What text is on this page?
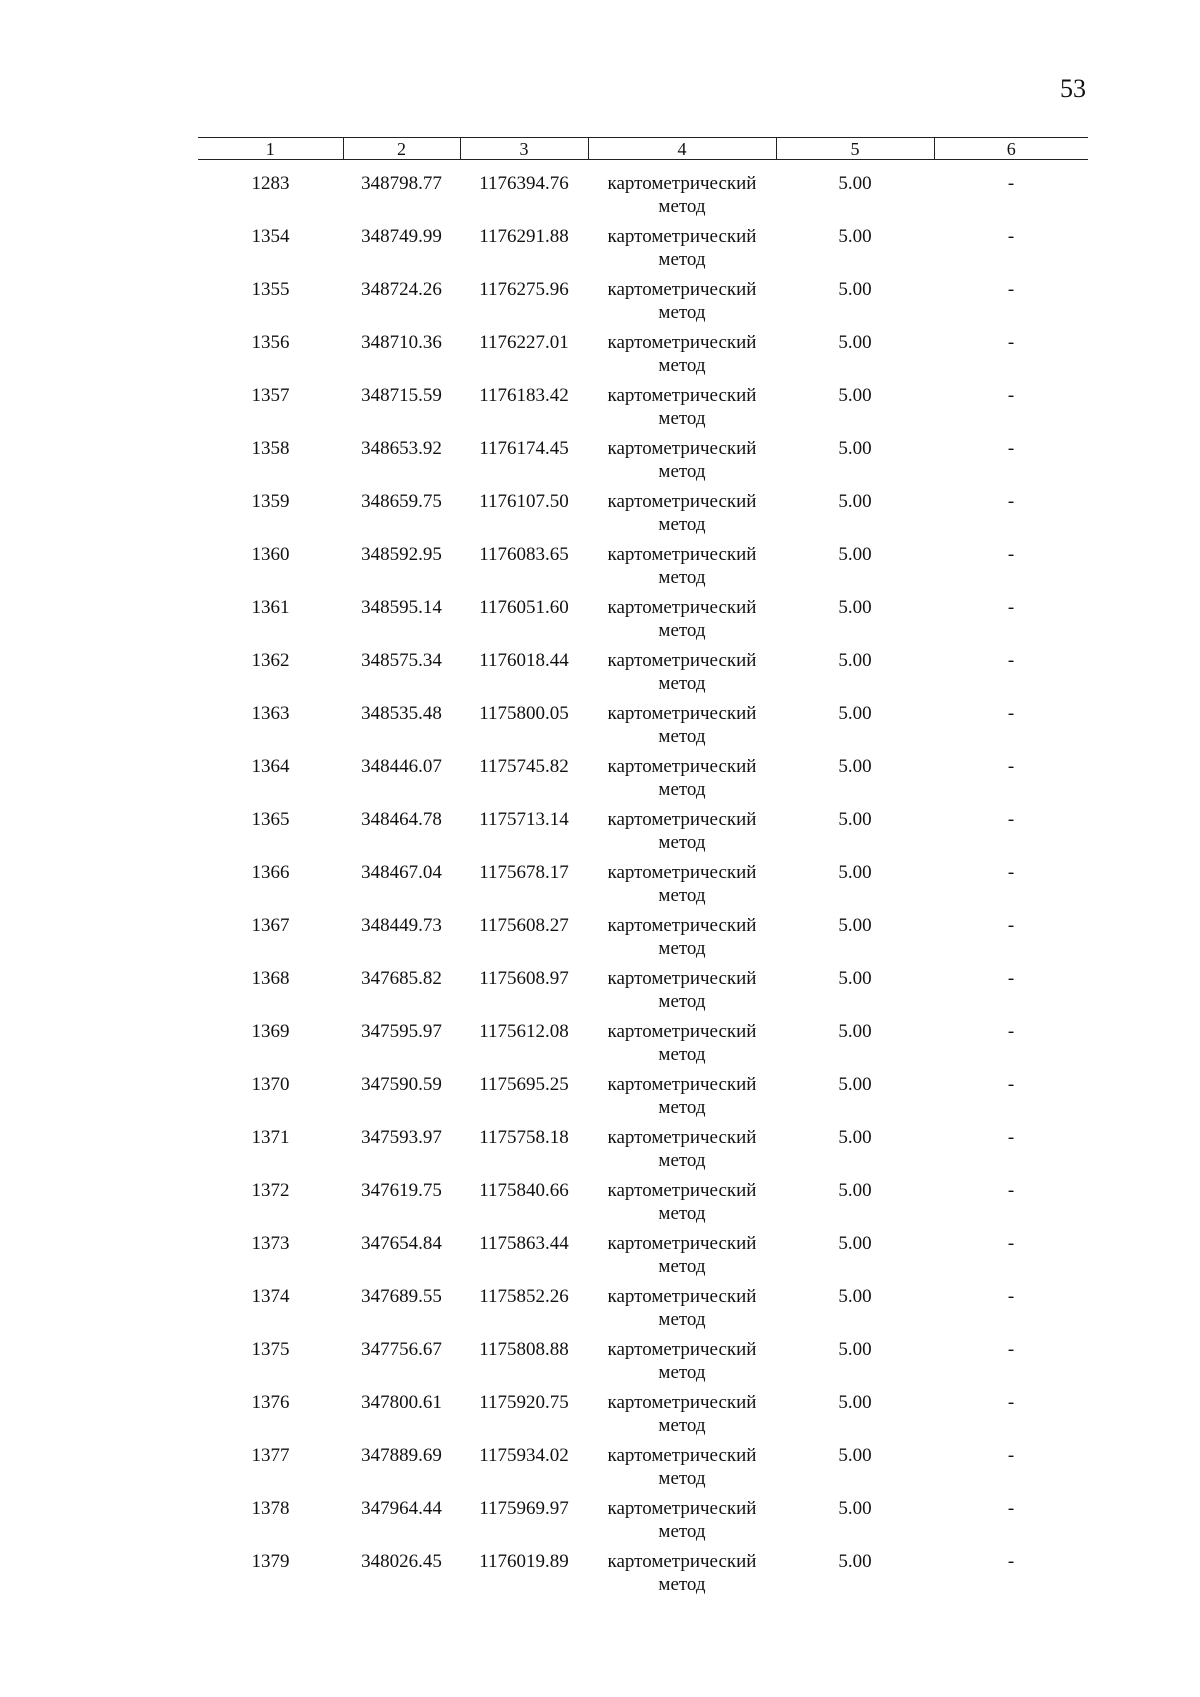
53
1	2	3	4	5	6

1283	348798.77	1176394.76	картометрический
метод	5.00	-
1354	348749.99	1176291.88	картометрический
метод	5.00	-
1355	348724.26	1176275.96	картометрический
метод	5.00	-
1356	348710.36	1176227.01	картометрический
метод	5.00	-
1357	348715.59	1176183.42	картометрический
метод	5.00	-
1358	348653.92	1176174.45	картометрический
метод	5.00	-
1359	348659.75	1176107.50	картометрический
метод	5.00	-
1360	348592.95	1176083.65	картометрический
метод	5.00	-
1361	348595.14	1176051.60	картометрический
метод	5.00	-
1362	348575.34	1176018.44	картометрический
метод	5.00	-
1363	348535.48	1175800.05	картометрический
метод	5.00	-
1364	348446.07	1175745.82	картометрический
метод	5.00	-
1365	348464.78	1175713.14	картометрический
метод	5.00	-
1366	348467.04	1175678.17	картометрический
метод	5.00	-
1367	348449.73	1175608.27	картометрический
метод	5.00	-
1368	347685.82	1175608.97	картометрический
метод	5.00	-
1369	347595.97	1175612.08	картометрический
метод	5.00	-
1370	347590.59	1175695.25	картометрический
метод	5.00	-
1371	347593.97	1175758.18	картометрический
метод	5.00	-
1372	347619.75	1175840.66	картометрический
метод	5.00	-
1373	347654.84	1175863.44	картометрический
метод	5.00	-
1374	347689.55	1175852.26	картометрический
метод	5.00	-
1375	347756.67	1175808.88	картометрический
метод	5.00	-
1376	347800.61	1175920.75	картометрический
метод	5.00	-
1377	347889.69	1175934.02	картометрический
метод	5.00	-
1378	347964.44	1175969.97	картометрический
метод	5.00	-
1379	348026.45	1176019.89	картометрический
метод	5.00	-
